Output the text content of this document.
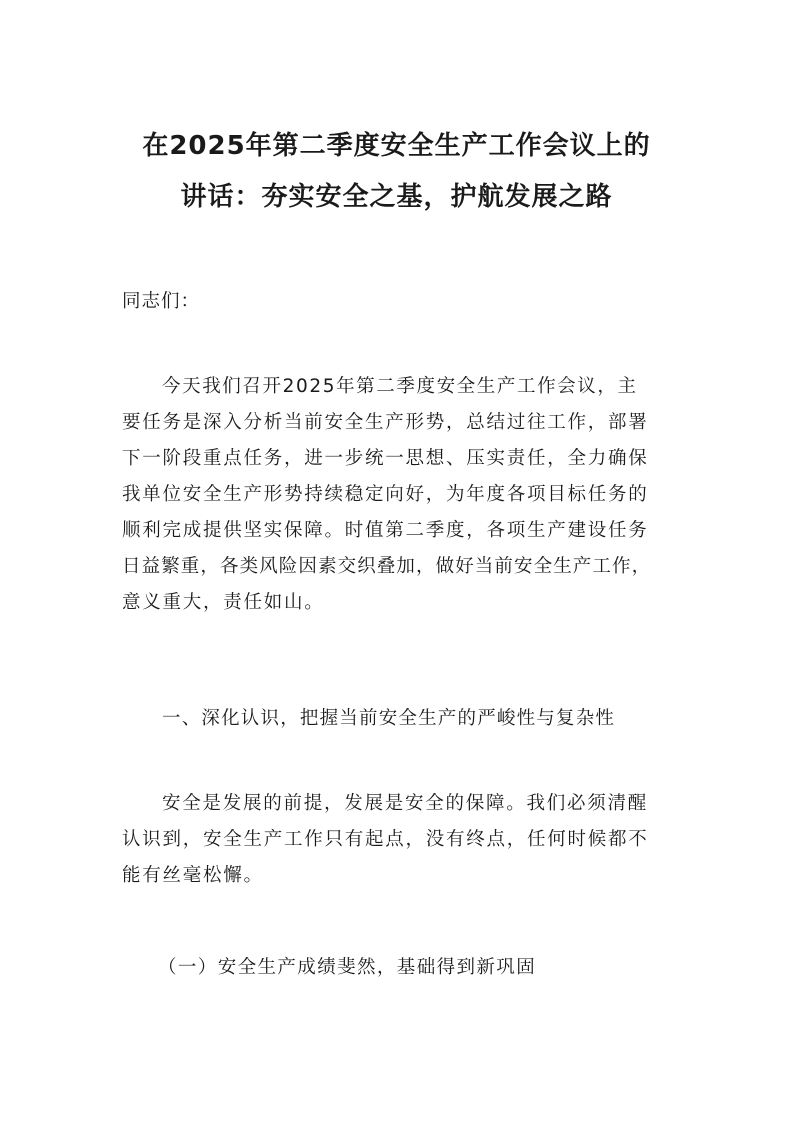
在2025年第二季度安全生产工作会议上的
讲话：夯实安全之基，护航发展之路
同志们：
今天我们召开2025年第二季度安全生产工作会议，主
要任务是深入分析当前安全生产形势，总结过往工作，部署
下一阶段重点任务，进一步统一思想、压实责任，全力确保
我单位安全生产形势持续稳定向好，为年度各项目标任务的
顺利完成提供坚实保障。时值第二季度，各项生产建设任务
日益繁重，各类风险因素交织叠加，做好当前安全生产工作，
意义重大，责任如山。
一、深化认识，把握当前安全生产的严峻性与复杂性
安全是发展的前提，发展是安全的保障。我们必须清醒
认识到，安全生产工作只有起点，没有终点，任何时候都不
能有丝毫松懈。
（一）安全生产成绩斐然，基础得到新巩固
